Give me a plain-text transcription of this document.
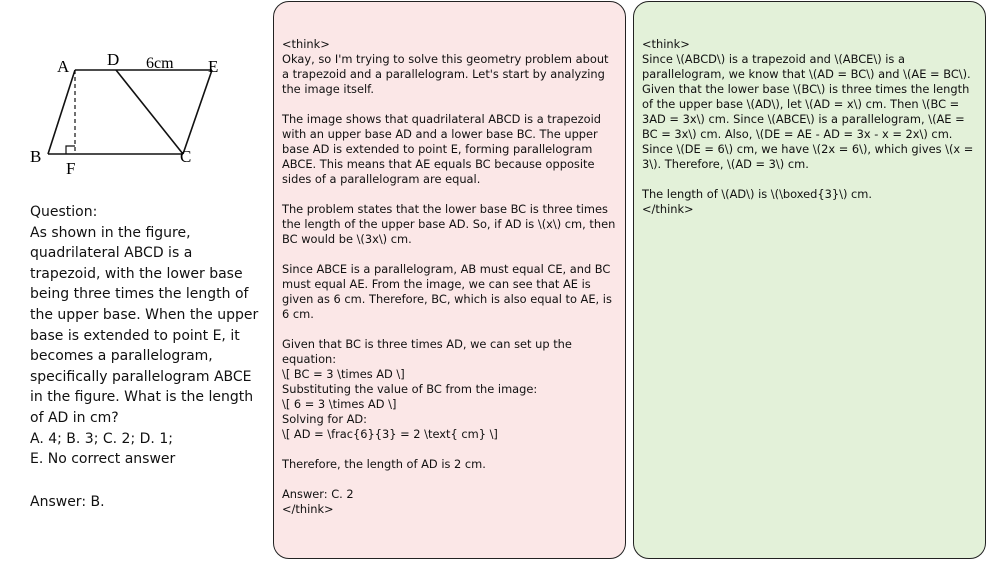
A D 6cm E
B
F
C
Question:
As shown in the figure, quadrilateral ABCD is a trapezoid, with the lower base being three times the length of the upper base. When the upper base is extended to point E, it becomes a parallelogram, specifically parallelogram ABCE in the figure. What is the length of AD in cm?
A. 4; B. 3; C. 2; D. 1;
E. No correct answer
Answer: B.

<think>
Okay, so I'm trying to solve this geometry problem about a trapezoid and a parallelogram. Let's start by analyzing the image itself.

The image shows that quadrilateral ABCD is a trapezoid with an upper base AD and a lower base BC. The upper base AD is extended to point E, forming parallelogram ABCE. This means that AE equals BC because opposite sides of a parallelogram are equal.

The problem states that the lower base BC is three times the length of the upper base AD. So, if AD is \(x\) cm, then BC would be \(3x\) cm.

Since ABCE is a parallelogram, AB must equal CE, and BC must equal AE. From the image, we can see that AE is given as 6 cm. Therefore, BC, which is also equal to AE, is 6 cm.

Given that BC is three times AD, we can set up the equation:
\[ BC = 3 \times AD \]
Substituting the value of BC from the image:
\[ 6 = 3 \times AD \]
Solving for AD:
\[ AD = \frac{6}{3} = 2 \text{ cm} \]

Therefore, the length of AD is 2 cm.

Answer: C. 2
</think>

<think>
Since \(ABCD\) is a trapezoid and \(ABCE\) is a parallelogram, we know that \(AD = BC\) and \(AE = BC\). Given that the lower base \(BC\) is three times the length of the upper base \(AD\), let \(AD = x\) cm. Then \(BC = 3AD = 3x\) cm. Since \(ABCE\) is a parallelogram, \(AE = BC = 3x\) cm. Also, \(DE = AE - AD = 3x - x = 2x\) cm. Since \(DE = 6\) cm, we have \(2x = 6\), which gives \(x = 3\). Therefore, \(AD = 3\) cm.

The length of \(AD\) is \(\boxed{3}\) cm.
</think>
